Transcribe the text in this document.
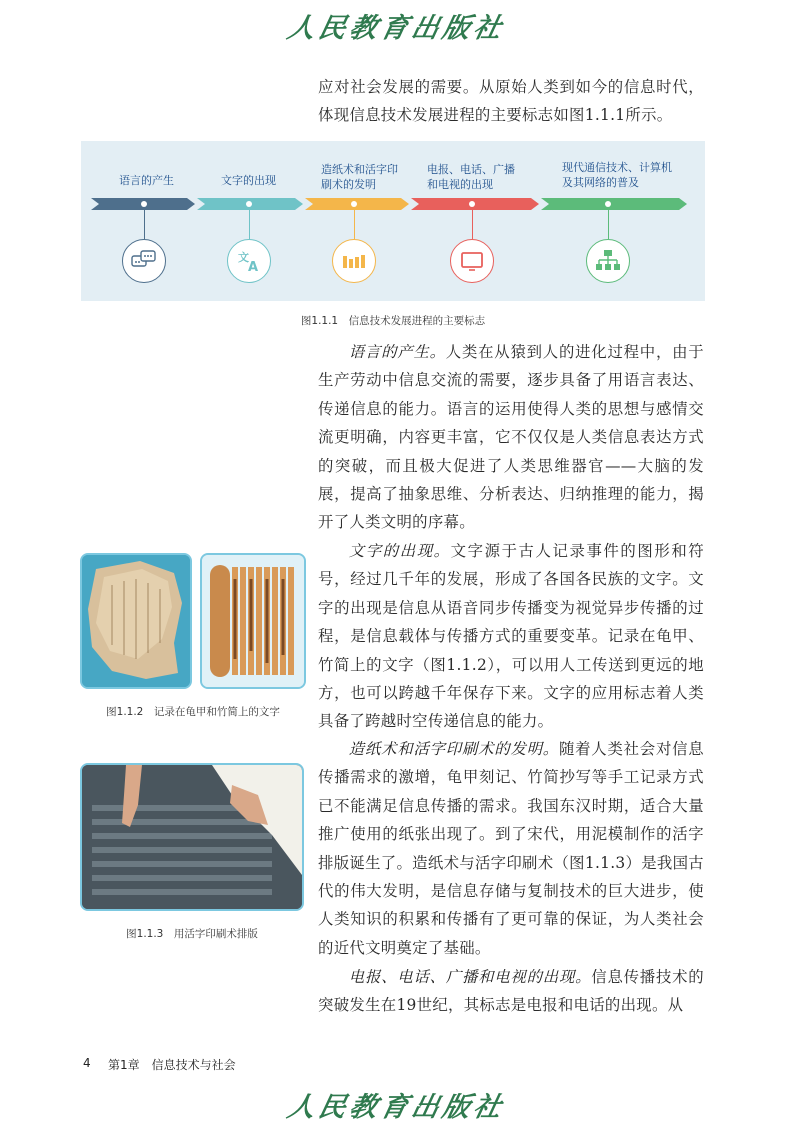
人民教育出版社

应对社会发展的需要。从原始人类到如今的信息时代，体现信息技术发展进程的主要标志如图1.1.1所示。

语言的产生	文字的出现
造纸术和活字印刷术的发明
电报、电话、广播和电视的出现
现代通信技术、计算机及其网络的普及
文
A
图1.1.1　信息技术发展进程的主要标志

语言的产生。人类在从猿到人的进化过程中，由于生产劳动中信息交流的需要，逐步具备了用语言表达、传递信息的能力。语言的运用使得人类的思想与感情交流更明确，内容更丰富，它不仅仅是人类信息表达方式的突破，而且极大促进了人类思维器官——大脑的发展，提高了抽象思维、分析表达、归纳推理的能力，揭开了人类文明的序幕。

文字的出现。文字源于古人记录事件的图形和符号，经过几千年的发展，形成了各国各民族的文字。文字的出现是信息从语音同步传播变为视觉异步传播的过程，是信息载体与传播方式的重要变革。记录在龟甲、竹简上的文字（图1.1.2），可以用人工传送到更远的地方，也可以跨越千年保存下来。文字的应用标志着人类具备了跨越时空传递信息的能力。

造纸术和活字印刷术的发明。随着人类社会对信息传播需求的激增，龟甲刻记、竹简抄写等手工记录方式已不能满足信息传播的需求。我国东汉时期，适合大量推广使用的纸张出现了。到了宋代，用泥模制作的活字排版诞生了。造纸术与活字印刷术（图1.1.3）是我国古代的伟大发明，是信息存储与复制技术的巨大进步，使人类知识的积累和传播有了更可靠的保证，为人类社会的近代文明奠定了基础。

电报、电话、广播和电视的出现。信息传播技术的突破发生在19世纪，其标志是电报和电话的出现。从

图1.1.2　记录在龟甲和竹简上的文字
图1.1.3　用活字印刷术排版
4 第1章　信息技术与社会
人民教育出版社
